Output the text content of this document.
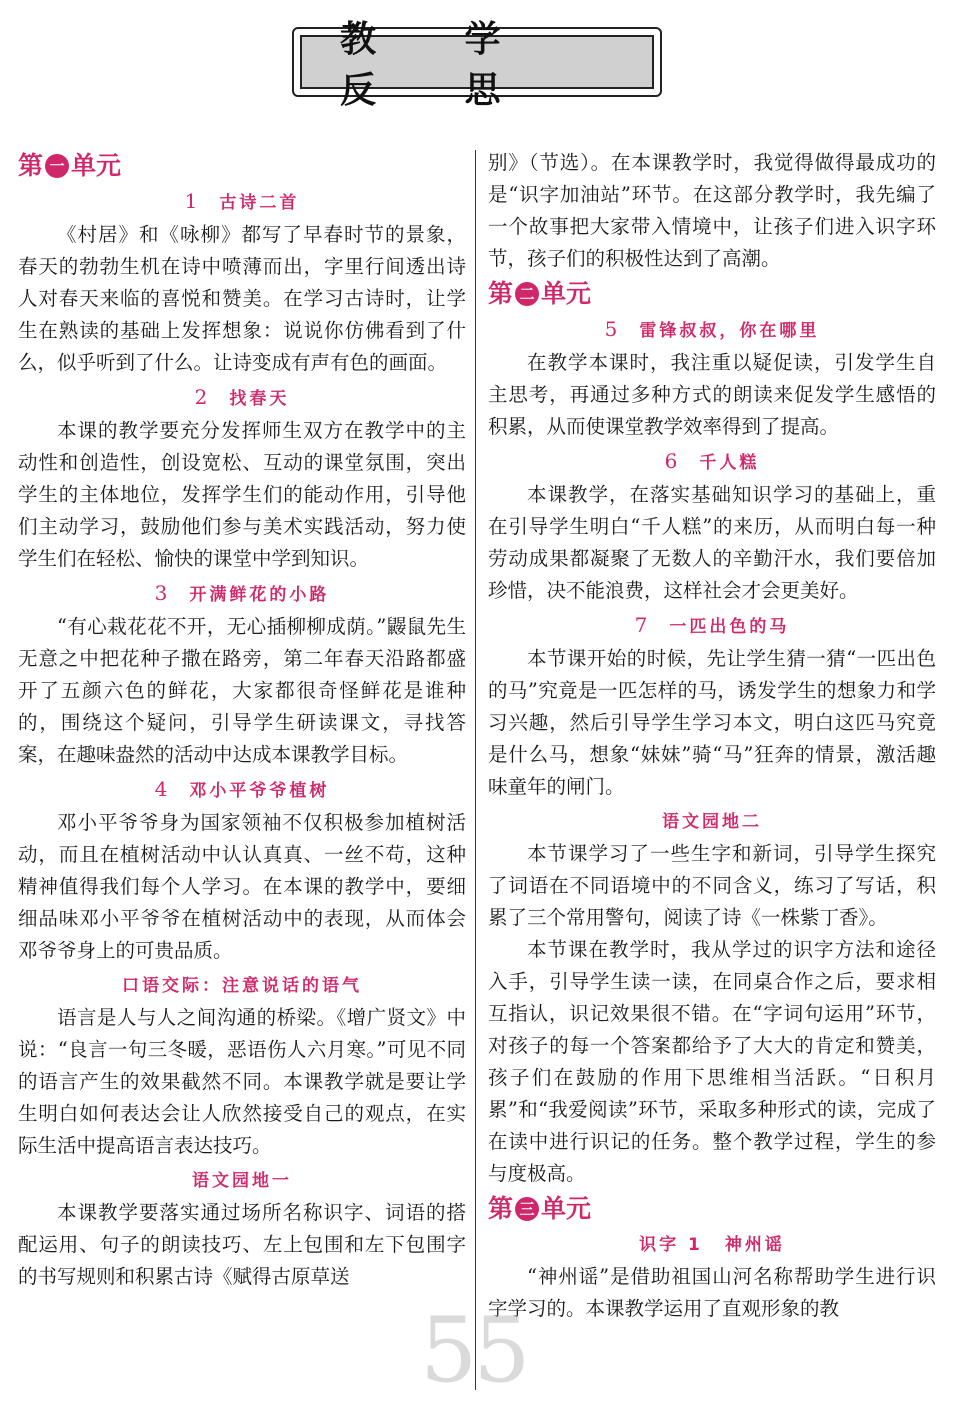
教 学 反 思
第 一 单元
1 古诗二首

《村居》和《咏柳》都写了早春时节的景象，春天的勃勃生机在诗中喷薄而出，字里行间透出诗人对春天来临的喜悦和赞美。在学习古诗时，让学生在熟读的基础上发挥想象：说说你仿佛看到了什么，似乎听到了什么。让诗变成有声有色的画面。

2 找春天

本课的教学要充分发挥师生双方在教学中的主动性和创造性，创设宽松、互动的课堂氛围，突出学生的主体地位，发挥学生们的能动作用，引导他们主动学习，鼓励他们参与美术实践活动，努力使学生们在轻松、愉快的课堂中学到知识。

3 开满鲜花的小路

“有心栽花花不开，无心插柳柳成荫。”鼹鼠先生无意之中把花种子撒在路旁，第二年春天沿路都盛开了五颜六色的鲜花，大家都很奇怪鲜花是谁种的，围绕这个疑问，引导学生研读课文，寻找答案，在趣味盎然的活动中达成本课教学目标。

4 邓小平爷爷植树

邓小平爷爷身为国家领袖不仅积极参加植树活动，而且在植树活动中认认真真、一丝不苟，这种精神值得我们每个人学习。在本课的教学中，要细细品味邓小平爷爷在植树活动中的表现，从而体会邓爷爷身上的可贵品质。

口语交际：注意说话的语气

语言是人与人之间沟通的桥梁。《增广贤文》中说：“良言一句三冬暖，恶语伤人六月寒。”可见不同的语言产生的效果截然不同。本课教学就是要让学生明白如何表达会让人欣然接受自己的观点，在实际生活中提高语言表达技巧。

语文园地一

本课教学要落实通过场所名称识字、词语的搭配运用、句子的朗读技巧、左上包围和左下包围字的书写规则和积累古诗《赋得古原草送

别》（节选）。在本课教学时，我觉得做得最成功的是“识字加油站”环节。在这部分教学时，我先编了一个故事把大家带入情境中，让孩子们进入识字环节，孩子们的积极性达到了高潮。

第 二 单元
5 雷锋叔叔，你在哪里

在教学本课时，我注重以疑促读，引发学生自主思考，再通过多种方式的朗读来促发学生感悟的积累，从而使课堂教学效率得到了提高。

6 千人糕

本课教学，在落实基础知识学习的基础上，重在引导学生明白“千人糕”的来历，从而明白每一种劳动成果都凝聚了无数人的辛勤汗水，我们要倍加珍惜，决不能浪费，这样社会才会更美好。

7 一匹出色的马

本节课开始的时候，先让学生猜一猜“一匹出色的马”究竟是一匹怎样的马，诱发学生的想象力和学习兴趣，然后引导学生学习本文，明白这匹马究竟是什么马，想象“妹妹”骑“马”狂奔的情景，激活趣味童年的闸门。

语文园地二

本节课学习了一些生字和新词，引导学生探究了词语在不同语境中的不同含义，练习了写话，积累了三个常用警句，阅读了诗《一株紫丁香》。

本节课在教学时，我从学过的识字方法和途径入手，引导学生读一读，在同桌合作之后，要求相互指认，识记效果很不错。在“字词句运用”环节，对孩子的每一个答案都给予了大大的肯定和赞美，孩子们在鼓励的作用下思维相当活跃。“日积月累”和“我爱阅读”环节，采取多种形式的读，完成了在读中进行识记的任务。整个教学过程，学生的参与度极高。

第 三 单元
识字 1 神州谣

“神州谣”是借助祖国山河名称帮助学生进行识字学习的。本课教学运用了直观形象的教

55
